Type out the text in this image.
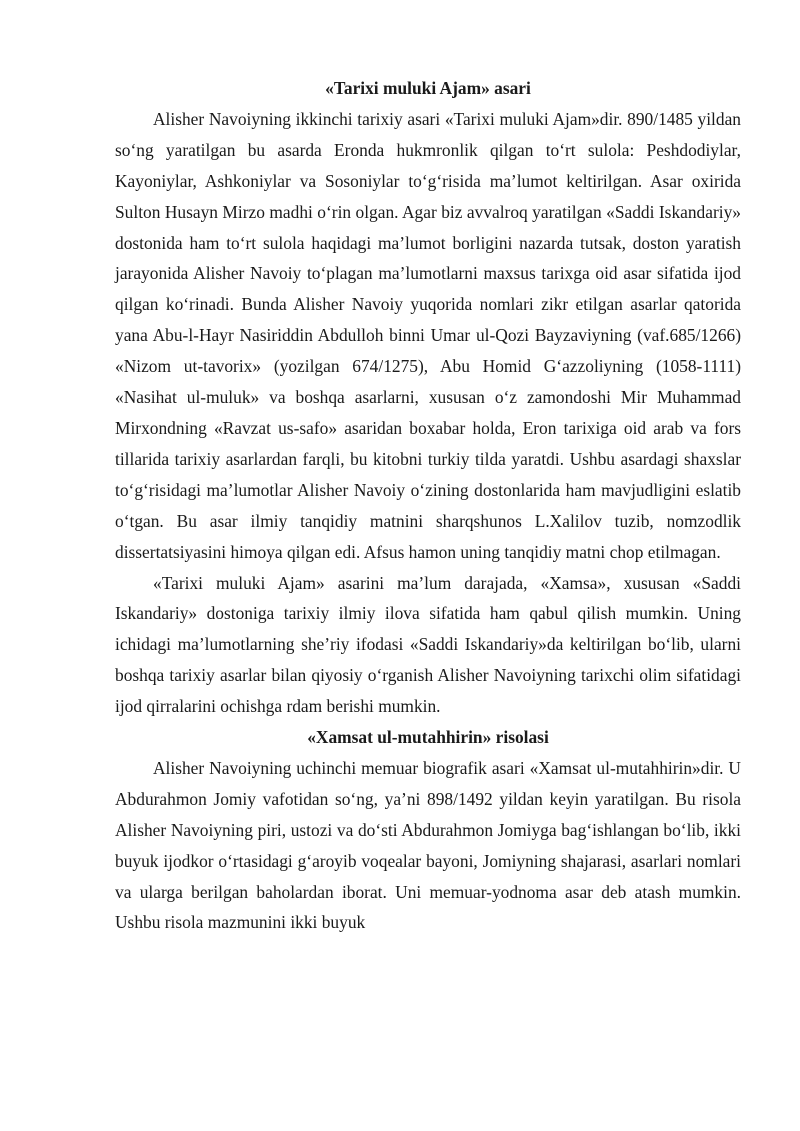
«Tarixi muluki Ajam» asari

Alisher Navoiyning ikkinchi tarixiy asari «Tarixi muluki Ajam»dir. 890/1485 yildan so‘ng yaratilgan bu asarda Eronda hukmronlik qilgan to‘rt sulola: Peshdodiylar, Kayoniylar, Ashkoniylar va Sosoniylar to‘g‘risida ma’lumot keltirilgan. Asar oxirida Sulton Husayn Mirzo madhi o‘rin olgan. Agar biz avvalroq yaratilgan «Saddi Iskandariy» dostonida ham to‘rt sulola haqidagi ma’lumot borligini nazarda tutsak, doston yaratish jarayonida Alisher Navoiy to‘plagan ma’lumotlarni maxsus tarixga oid asar sifatida ijod qilgan ko‘rinadi. Bunda Alisher Navoiy yuqorida nomlari zikr etilgan asarlar qatorida yana Abu-l-Hayr Nasiriddin Abdulloh binni Umar ul-Qozi Bayzaviyning (vaf.685/1266) «Nizom ut-tavorix» (yozilgan 674/1275), Abu Homid G‘azzoliyning (1058-1111) «Nasihat ul-muluk» va boshqa asarlarni, xususan o‘z zamondoshi Mir Muhammad Mirxondning «Ravzat us-safo» asaridan boxabar holda, Eron tarixiga oid arab va fors tillarida tarixiy asarlardan farqli, bu kitobni turkiy tilda yaratdi. Ushbu asardagi shaxslar to‘g‘risidagi ma’lumotlar Alisher Navoiy o‘zining dostonlarida ham mavjudligini eslatib o‘tgan. Bu asar ilmiy tanqidiy matnini sharqshunos L.Xalilov tuzib, nomzodlik dissertatsiyasini himoya qilgan edi. Afsus hamon uning tanqidiy matni chop etilmagan.

«Tarixi muluki Ajam» asarini ma’lum darajada, «Xamsa», xususan «Saddi Iskandariy» dostoniga tarixiy ilmiy ilova sifatida ham qabul qilish mumkin. Uning ichidagi ma’lumotlarning she’riy ifodasi «Saddi Iskandariy»da keltirilgan bo‘lib, ularni boshqa tarixiy asarlar bilan qiyosiy o‘rganish Alisher Navoiyning tarixchi olim sifatidagi ijod qirralarini ochishga rdam berishi mumkin.

«Xamsat ul-mutahhirin» risolasi

Alisher Navoiyning uchinchi memuar biografik asari «Xamsat ul-mutahhirin»dir. U Abdurahmon Jomiy vafotidan so‘ng, ya’ni 898/1492 yildan keyin yaratilgan. Bu risola Alisher Navoiyning piri, ustozi va do‘sti Abdurahmon Jomiyga bag‘ishlangan bo‘lib, ikki buyuk ijodkor o‘rtasidagi g‘aroyib voqealar bayoni, Jomiyning shajarasi, asarlari nomlari va ularga berilgan baholardan iborat. Uni memuar-yodnoma asar deb atash mumkin. Ushbu risola mazmunini ikki buyuk
